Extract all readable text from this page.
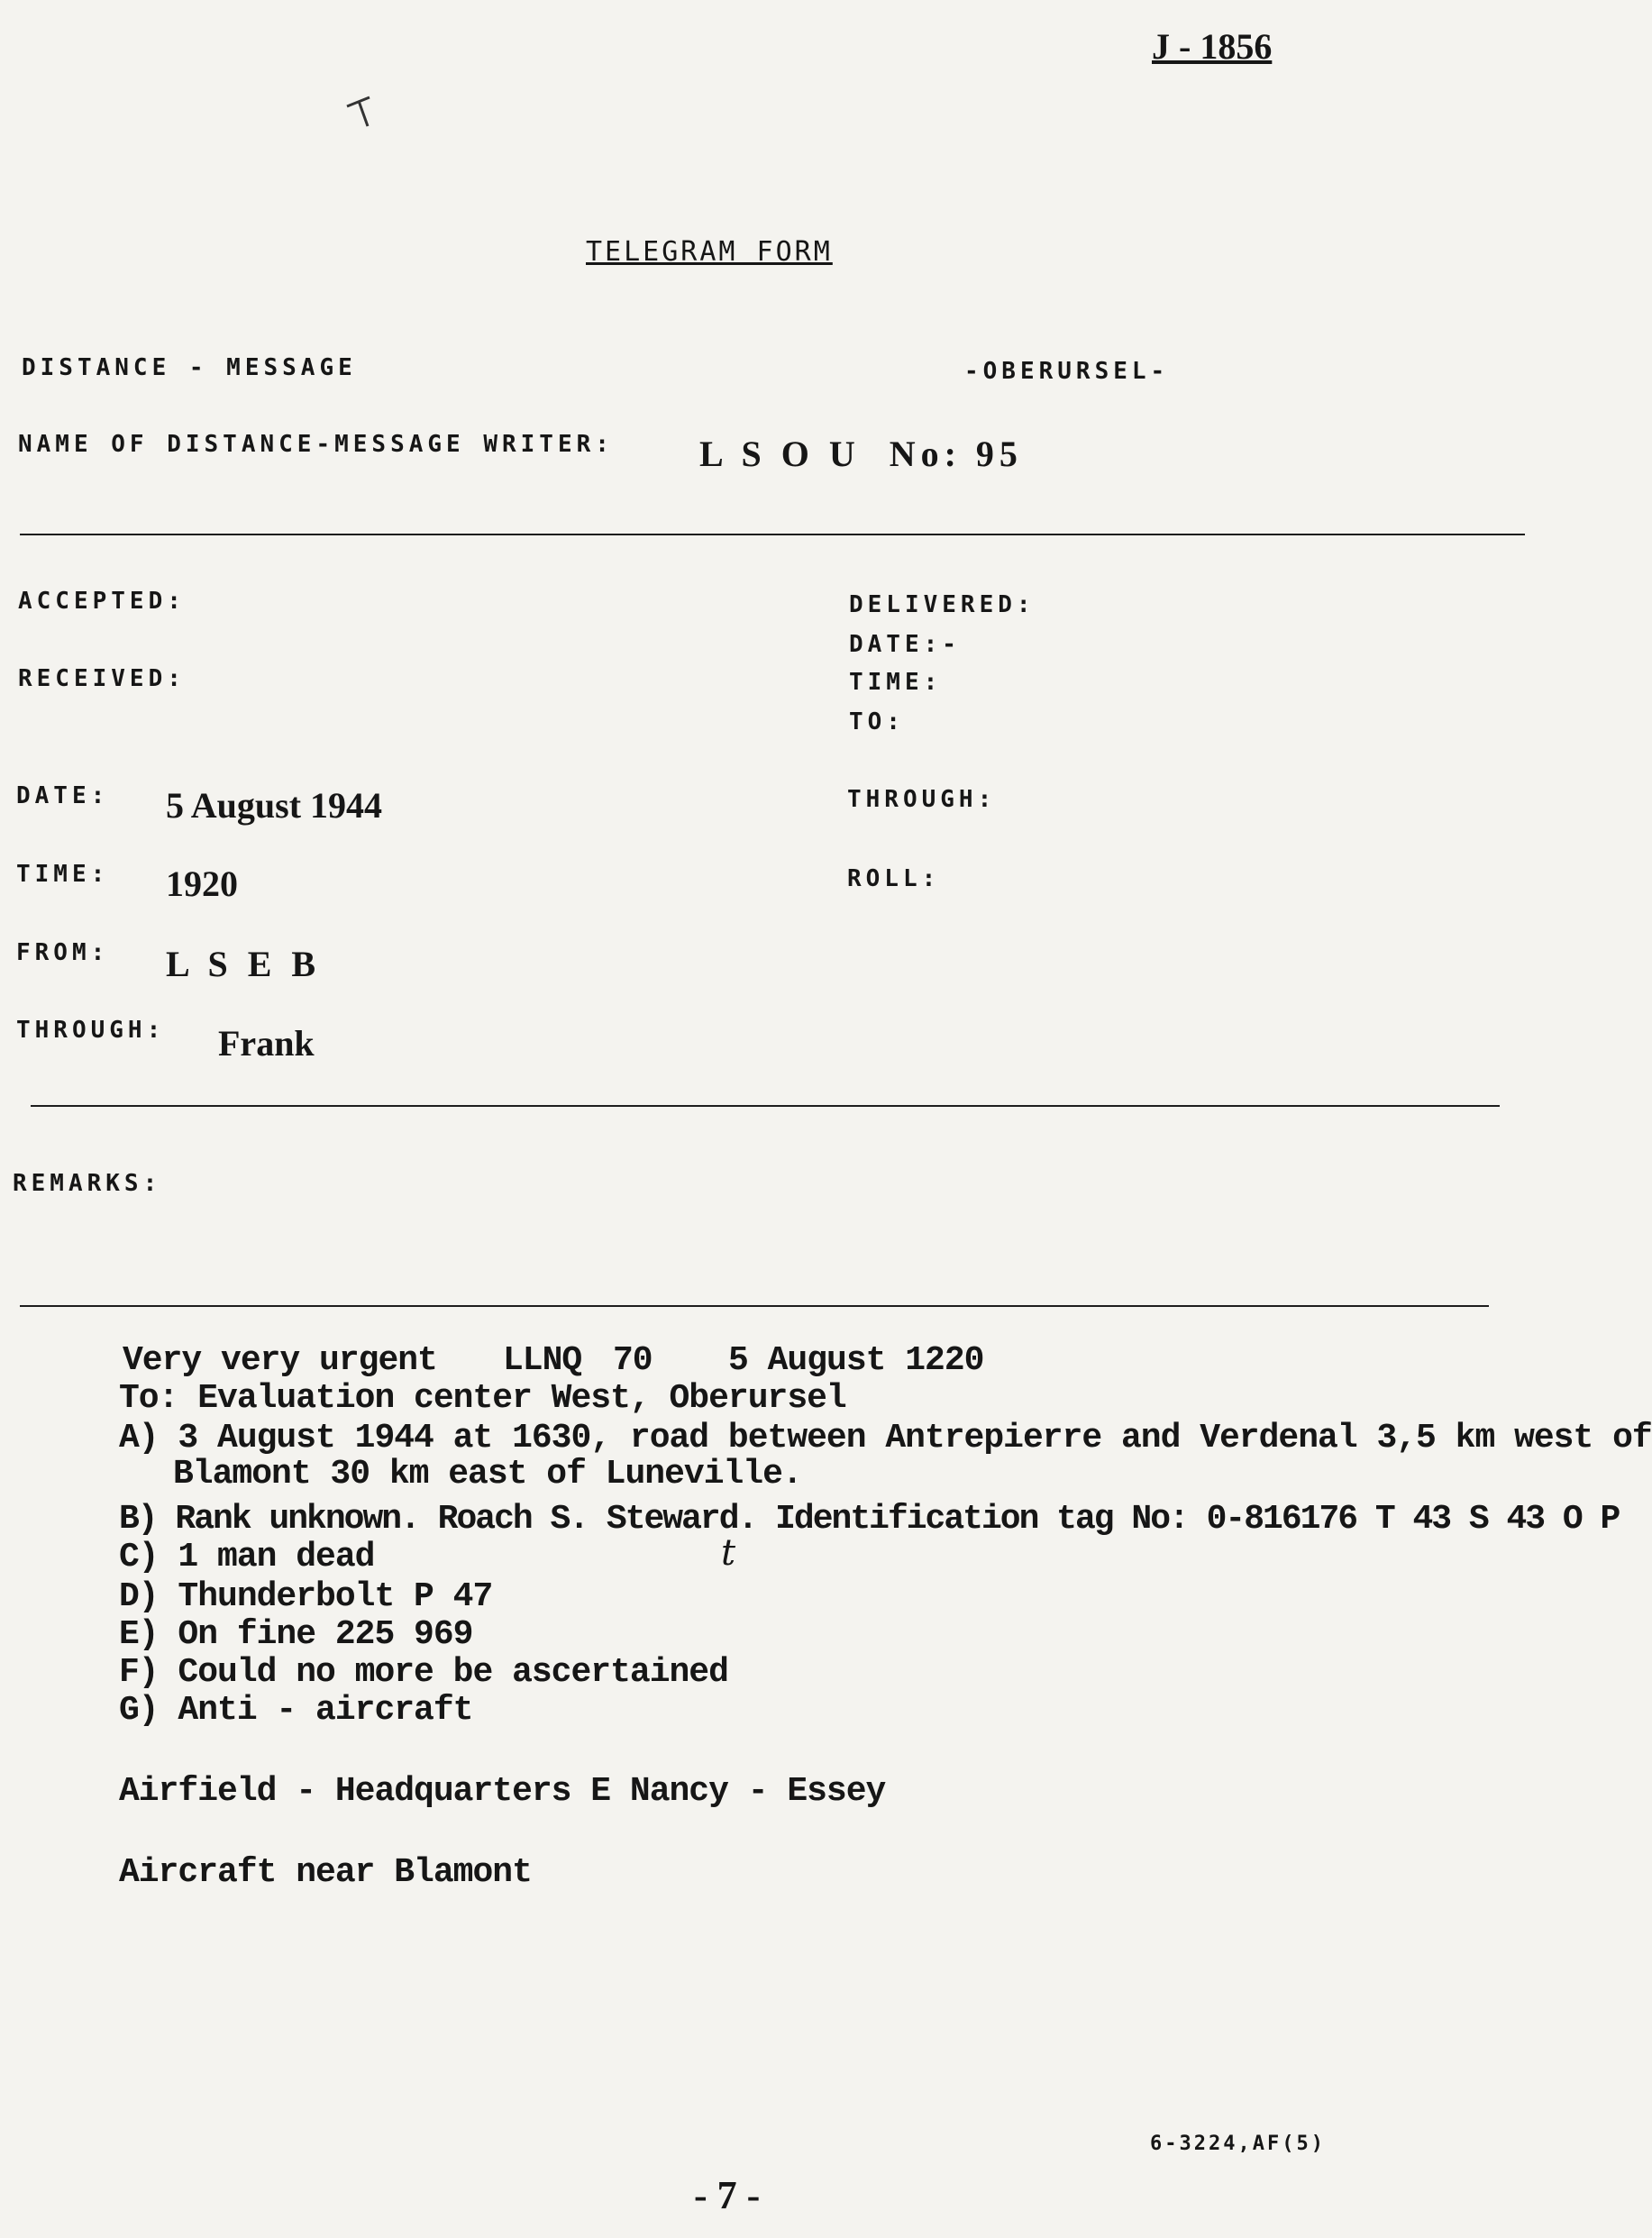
J - 1856
TELEGRAM FORM
DISTANCE - MESSAGE	-OBERURSEL-
NAME OF DISTANCE-MESSAGE WRITER: L S O U  No: 95
ACCEPTED:
RECEIVED:
DATE: 5 August 1944
TIME: 1920
FROM: L S E B
THROUGH: Frank
DELIVERED:
DATE:-
TIME:
TO:
THROUGH:
ROLL:
REMARKS:
Very very urgent LLNQ 70 5 August 1220
To: Evaluation center West, Oberursel
A) 3 August 1944 at 1630, road between Antrepierre and Verdenal 3,5 km west of
Blamont 30 km east of Luneville.
B) Rank unknown. Roach S. Steward. Identification tag No: 0-816176 T 43 S 43 O P
t
C) 1 man dead
D) Thunderbolt P 47
E) On fine 225 969
F) Could no more be ascertained
G) Anti - aircraft
Airfield - Headquarters E Nancy - Essey
Aircraft near Blamont
6-3224,AF(5)
- 7 -
